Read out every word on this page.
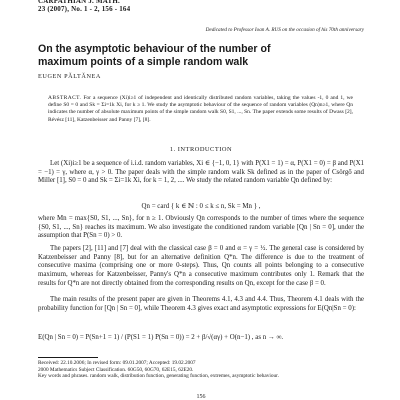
CARPATHIAN J. MATH.
23 (2007), No. 1 - 2, 156 - 164
Dedicated to Professor Ioan A. RUS on the occasion of his 70th anniversary
On the asymptotic behaviour of the number of
maximum points of a simple random walk
EUGEN PĂLTĂNEA
ABSTRACT. For a sequence (Xi)i≥1 of independent and identically distributed random variables, taking the values -1, 0 and 1, we define S0 = 0 and Sk = Σi=1k Xi, for k ≥ 1. We study the asymptotic behaviour of the sequence of random variables (Qn)n≥1, where Qn indicates the number of absolute maximum points of the simple random walk S0, S1, ..., Sn. The paper extends some results of Dwass [2], Révész [11], Katzenbeisser and Panny [7], [8].
1. INTRODUCTION
Let (Xi)i≥1 be a sequence of i.i.d. random variables, Xi ∈ {−1, 0, 1} with P(X1 = 1) = α, P(X1 = 0) = β and P(X1 = −1) = γ, where α, γ > 0. The paper deals with the simple random walk Sk defined as in the paper of Csörgő and Miller [1], S0 = 0 and Sk = Σi=1k Xi, for k = 1, 2, .... We study the related random variable Qn defined by:
Qn = card { k ∈ ℕ : 0 ≤ k ≤ n, Sk = Mn } ,
where Mn = max{S0, S1, ..., Sn}, for n ≥ 1. Obviously Qn corresponds to the number of times where the sequence {S0, S1, ..., Sn} reaches its maximum. We also investigate the conditioned random variable [Qn | Sn = 0], under the assumption that P(Sn = 0) > 0.
The papers [2], [11] and [7] deal with the classical case β = 0 and α = γ = ½. The general case is considered by Katzenbeisser and Panny [8], but for an alternative definition Q*n. The difference is due to the treatment of consecutive maxima (comprising one or more 0-steps). Thus, Qn counts all points belonging to a consecutive maximum, whereas for Katzenbeisser, Panny's Q*n a consecutive maximum contributes only 1. Remark that the results for Q*n are not directly obtained from the corresponding results on Qn, except for the case β = 0.
The main results of the present paper are given in Theorems 4.1, 4.3 and 4.4. Thus, Theorem 4.1 deals with the probability function for [Qn | Sn = 0], while Theorem 4.3 gives exact and asymptotic expressions for E(Qn|Sn = 0):
E(Qn | Sn = 0) = P(Sn+1 = 1) / (P(S1 = 1) P(Sn = 0)) = 2 + β/√(αγ) + O(n−1) , as n → ∞.
Received: 22.10.2006; In revised form: 09.01.2007; Accepted: 19.02.2007
2000 Mathematics Subject Classification. 60G50, 60G70, 62E15, 62E20.
Key words and phrases. random walk, distribution function, generating function, extremes, asymptotic behaviour.
156
